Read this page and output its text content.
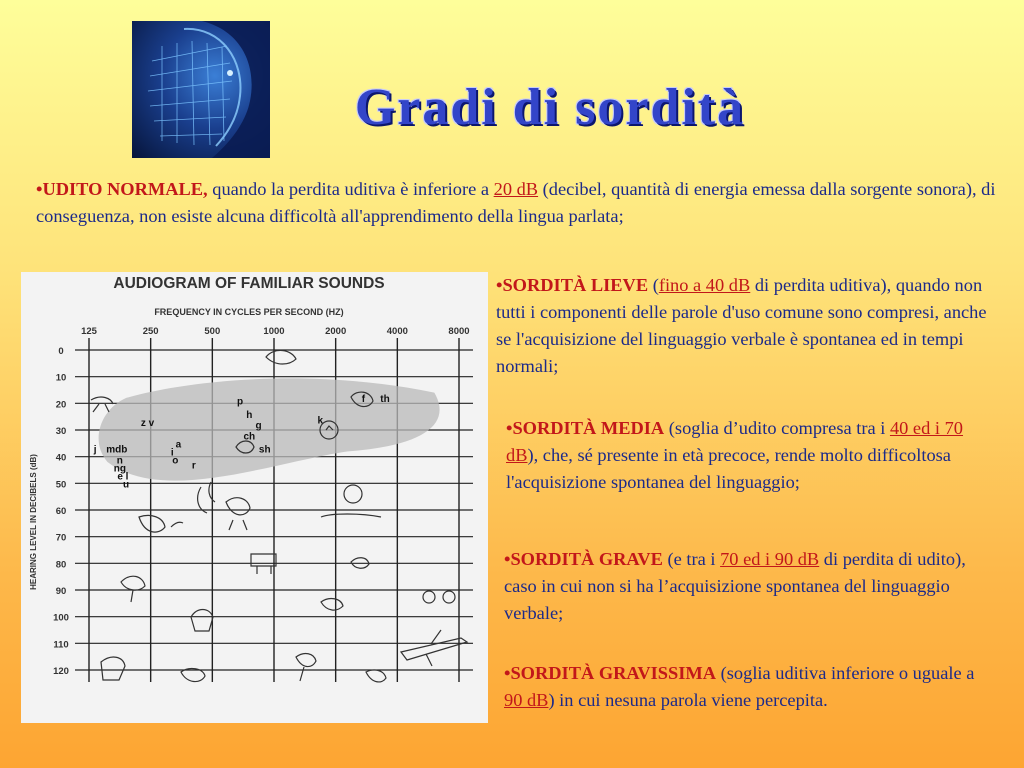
Gradi di sordità

•UDITO NORMALE, quando la perdita uditiva è inferiore a 20 dB (decibel, quantità di energia emessa dalla sorgente sonora), di conseguenza, non esiste alcuna difficoltà all'apprendimento della lingua parlata;

AUDIOGRAM OF FAMILIAR SOUNDS
FREQUENCY IN CYCLES PER SECOND (HZ)
HEARING LEVEL IN DECIBELS (dB)
125	250	500	1000	2000	4000	8000
0
10
20
30
40
50
60
70
80
90
100
110
120
z v
j mdb
n
ng
e l
u
i
a
o r
p
h
g
ch
sh
k
f th

•SORDITÀ LIEVE (fino a 40 dB di perdita uditiva), quando non tutti i componenti delle parole d'uso comune sono compresi, anche se l'acquisizione del linguaggio verbale è spontanea ed in tempi normali;

•SORDITÀ MEDIA (soglia d’udito compresa tra i 40 ed i 70 dB), che, sé presente in età precoce, rende molto difficoltosa l'acquisizione spontanea del linguaggio;

•SORDITÀ GRAVE (e tra i 70 ed i 90 dB di perdita di udito), caso in cui non si ha l’acquisizione spontanea del linguaggio verbale;

•SORDITÀ GRAVISSIMA (soglia uditiva inferiore o uguale a 90 dB) in cui nesuna parola viene percepita.
